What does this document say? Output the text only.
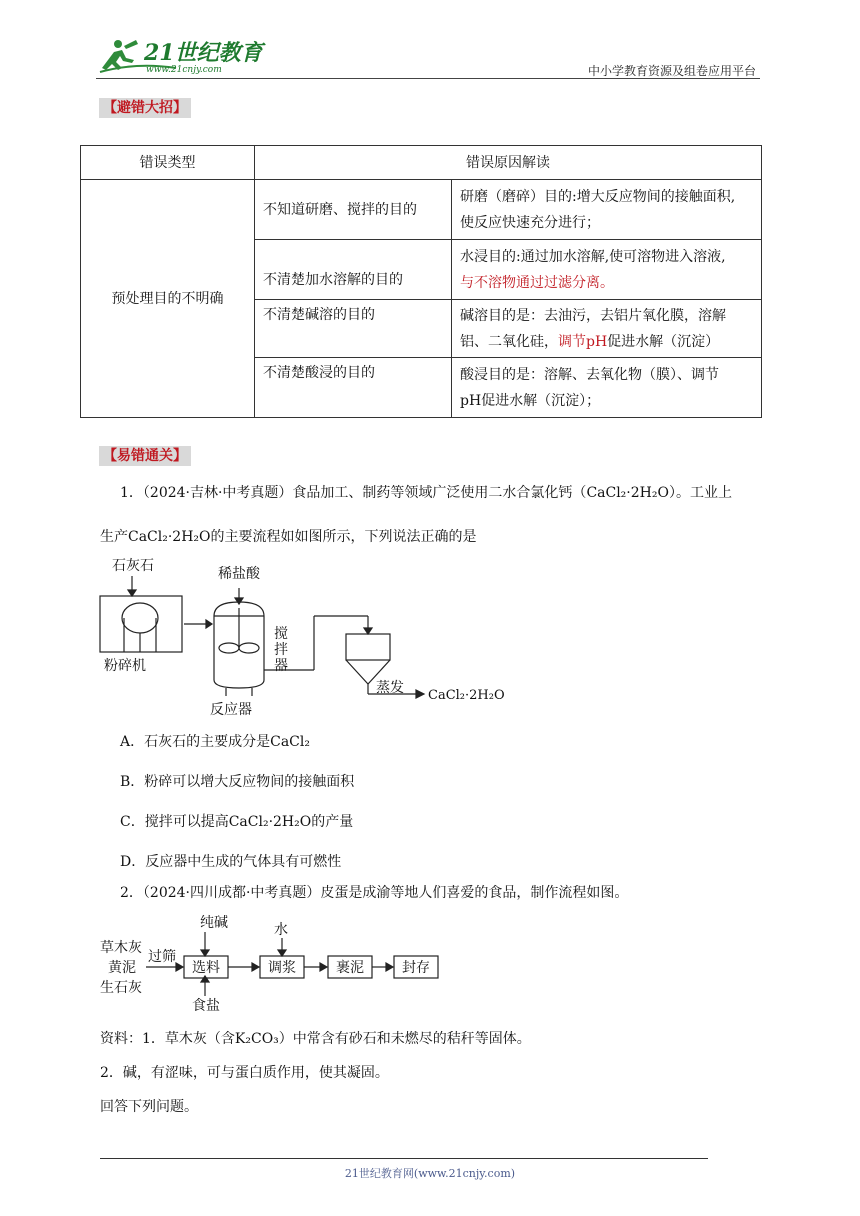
21世纪教育
www.21cnjy.com	中小学教育资源及组卷应用平台
【避错大招】
错误类型	错误原因解读	
预处理目的不明确	不知道研磨、搅拌的目的	研磨（磨碎）目的:增大反应物间的接触面积,
使反应快速充分进行；

	不清楚加水溶解的目的	水浸目的:通过加水溶解,使可溶物进入溶液,
与不溶物通过过滤分离。

	不清楚碱溶的目的	碱溶目的是：去油污，去铝片氧化膜，溶解
铝、二氧化硅，调节pH促进水解（沉淀）

	不清楚酸浸的目的	酸浸目的是：溶解、去氧化物（膜）、调节
pH促进水解（沉淀）；
【易错通关】
1．（2024·吉林·中考真题）食品加工、制药等领域广泛使用二水合氯化钙（CaCl₂·2H₂O）。工业上
生产CaCl₂·2H₂O的主要流程如如图所示，下列说法正确的是
石灰石	稀盐酸
粉碎机
反应器
蒸发 CaCl₂·2H₂O
搅
拌
器
搅拌器
A．石灰石的主要成分是CaCl₂
B．粉碎可以增大反应物间的接触面积
C．搅拌可以提高CaCl₂·2H₂O的产量
D．反应器中生成的气体具有可燃性
2．（2024·四川成都·中考真题）皮蛋是成渝等地人们喜爱的食品，制作流程如图。
纯碱	水
草木灰
黄泥
生石灰
过筛
食盐
选料	调浆	裹泥	封存
资料：1．草木灰（含K₂CO₃）中常含有砂石和未燃尽的秸秆等固体。
2．碱，有涩味，可与蛋白质作用，使其凝固。
回答下列问题。
21世纪教育网(www.21cnjy.com)
